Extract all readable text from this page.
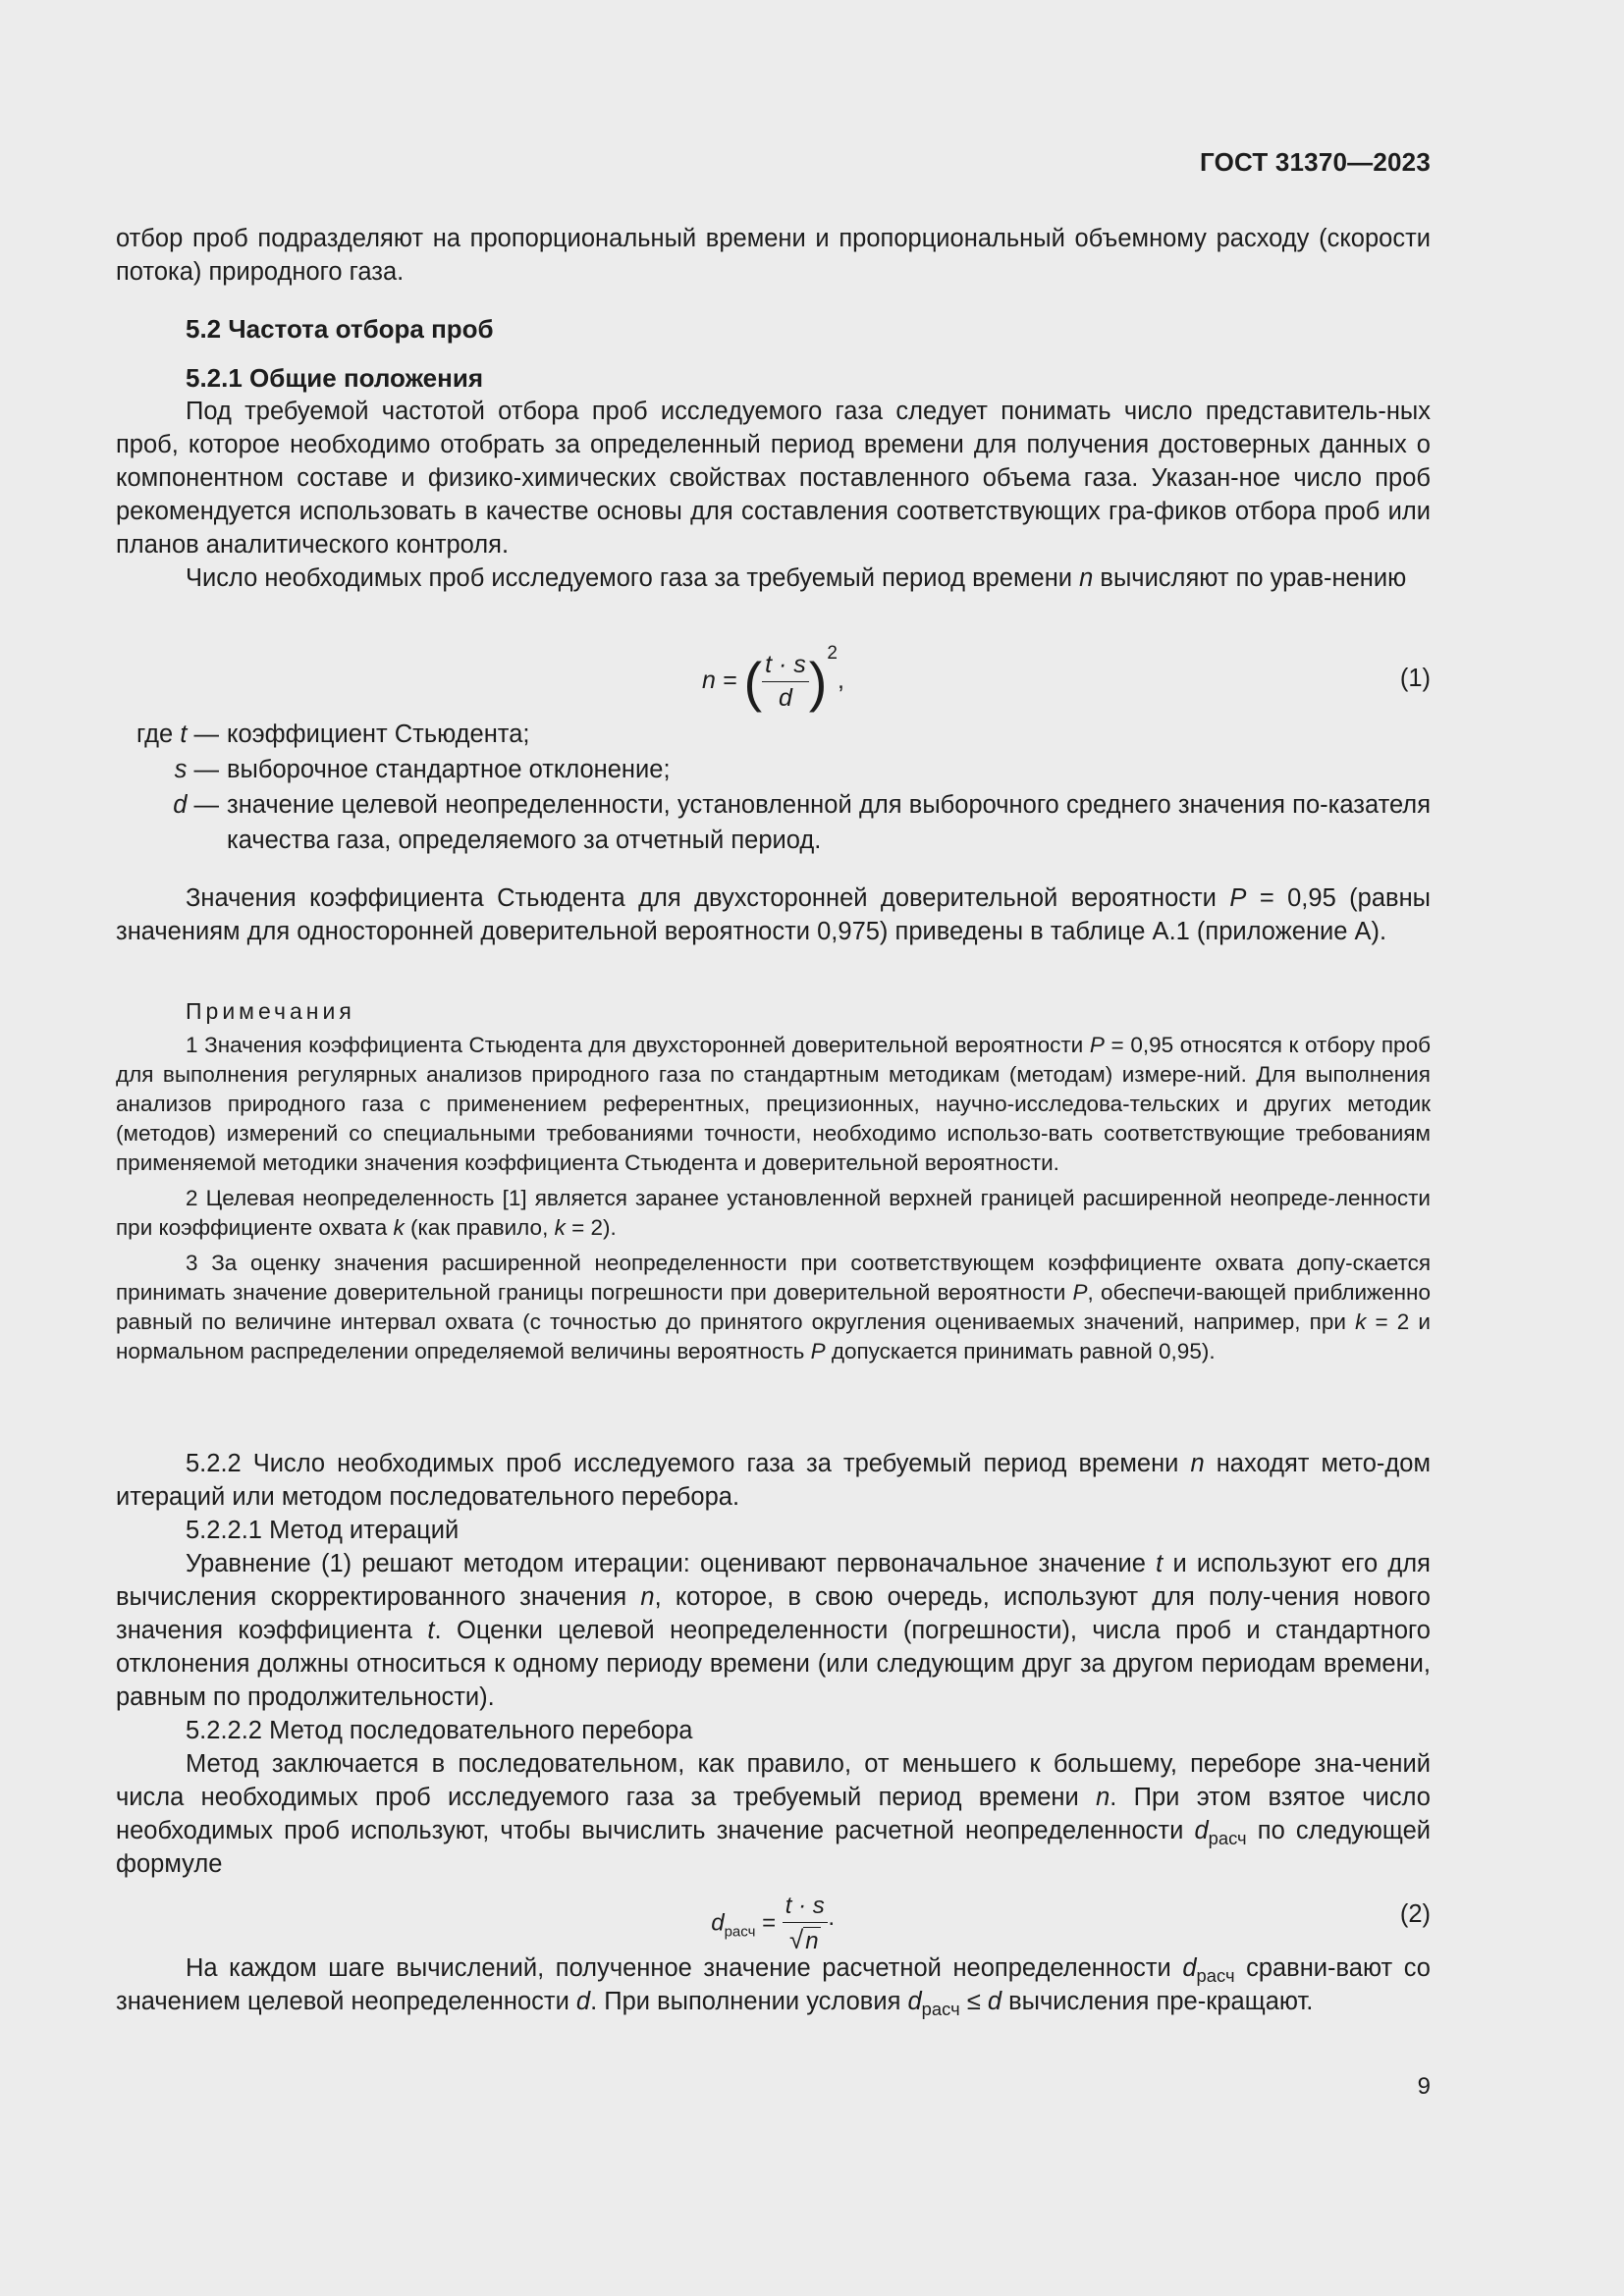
ГОСТ 31370—2023

отбор проб подразделяют на пропорциональный времени и пропорциональный объемному расходу (скорости потока) природного газа.

5.2 Частота отбора проб

5.2.1 Общие положения

Под требуемой частотой отбора проб исследуемого газа следует понимать число представитель-ных проб, которое необходимо отобрать за определенный период времени для получения достоверных данных о компонентном составе и физико-химических свойствах поставленного объема газа. Указан-ное число проб рекомендуется использовать в качестве основы для составления соответствующих гра-фиков отбора проб или планов аналитического контроля.

Число необходимых проб исследуемого газа за требуемый период времени n вычисляют по урав-нению

n = ( $\frac{t \cdot s}{d} )^2$,	(1)
где t — коэффициент Стьюдента;
s — выборочное стандартное отклонение;
d — значение целевой неопределенности, установленной для выборочного среднего значения по-казателя качества газа, определяемого за отчетный период.

Значения коэффициента Стьюдента для двухсторонней доверительной вероятности P = 0,95 (равны значениям для односторонней доверительной вероятности 0,975) приведены в таблице А.1 (приложение А).

Примечания

1 Значения коэффициента Стьюдента для двухсторонней доверительной вероятности P = 0,95 относятся к отбору проб для выполнения регулярных анализов природного газа по стандартным методикам (методам) измере-ний. Для выполнения анализов природного газа с применением референтных, прецизионных, научно-исследова-тельских и других методик (методов) измерений со специальными требованиями точности, необходимо использо-вать соответствующие требованиям применяемой методики значения коэффициента Стьюдента и доверительной вероятности.

2 Целевая неопределенность [1] является заранее установленной верхней границей расширенной неопреде-ленности при коэффициенте охвата k (как правило, k = 2).

3 За оценку значения расширенной неопределенности при соответствующем коэффициенте охвата допу-скается принимать значение доверительной границы погрешности при доверительной вероятности P, обеспечи-вающей приближенно равный по величине интервал охвата (с точностью до принятого округления оцениваемых значений, например, при k = 2 и нормальном распределении определяемой величины вероятность P допускается принимать равной 0,95).

5.2.2 Число необходимых проб исследуемого газа за требуемый период времени n находят мето-дом итераций или методом последовательного перебора.

5.2.2.1 Метод итераций

Уравнение (1) решают методом итерации: оценивают первоначальное значение t и используют его для вычисления скорректированного значения n, которое, в свою очередь, используют для полу-чения нового значения коэффициента t. Оценки целевой неопределенности (погрешности), числа проб и стандартного отклонения должны относиться к одному периоду времени (или следующим друг за другом периодам времени, равным по продолжительности).

5.2.2.2 Метод последовательного перебора

Метод заключается в последовательном, как правило, от меньшего к большему, переборе зна-чений числа необходимых проб исследуемого газа за требуемый период времени n. При этом взятое число необходимых проб используют, чтобы вычислить значение расчетной неопределенности $d_{расч}$ по следующей формуле

$d_{расч} = \frac{t \cdot s}{√n}$ ·	(2)

На каждом шаге вычислений, полученное значение расчетной неопределенности $d_{расч}$ сравни-вают со значением целевой неопределенности d. При выполнении условия $d_{расч} \le d$ вычисления пре-кращают.

9
